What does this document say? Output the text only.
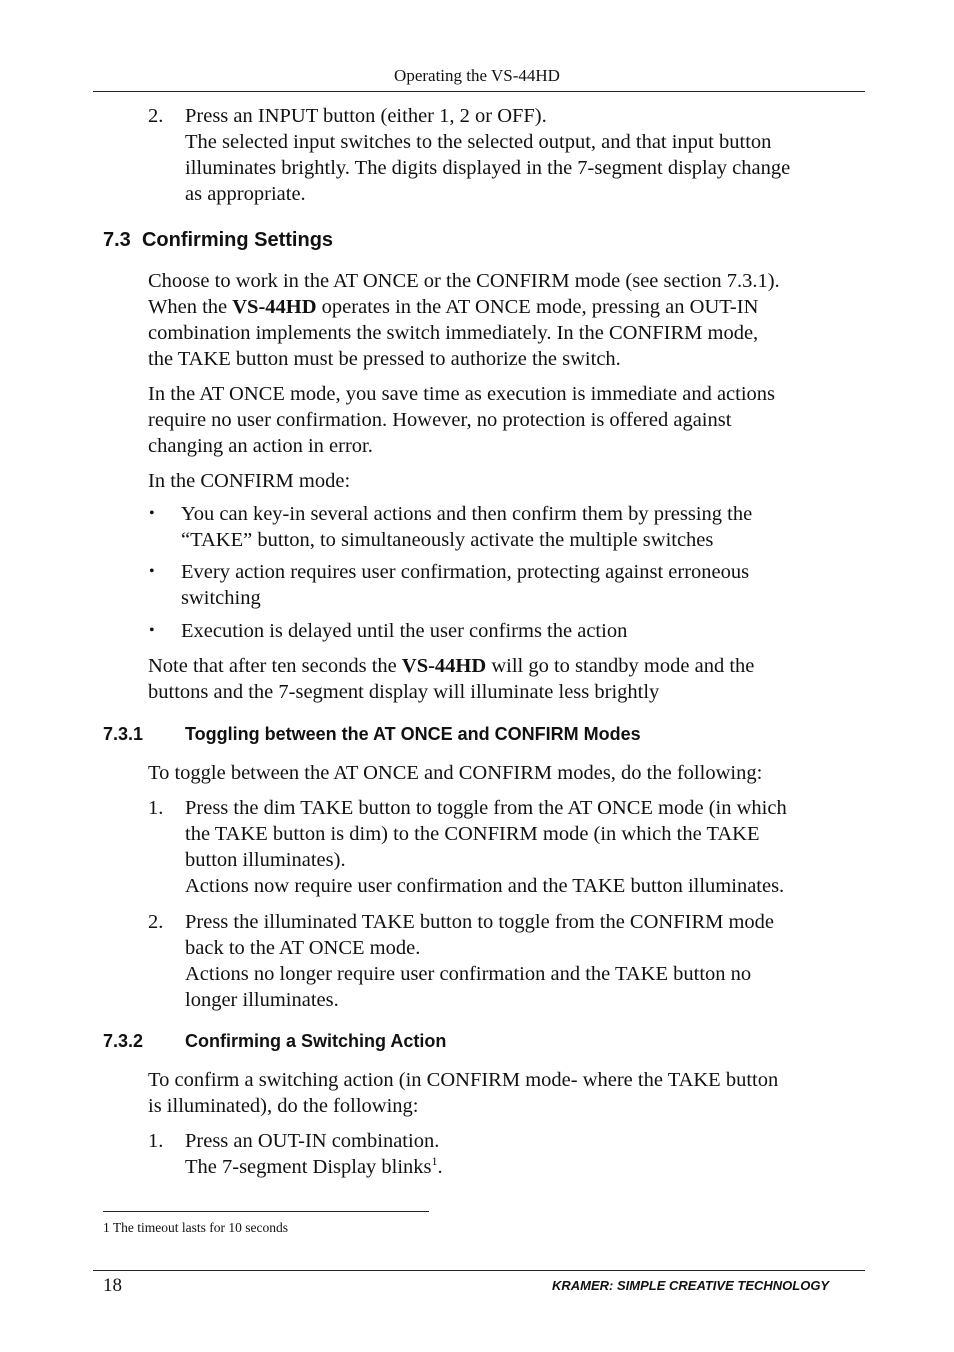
Operating the VS-44HD
2. Press an INPUT button (either 1, 2 or OFF).
The selected input switches to the selected output, and that input button
illuminates brightly. The digits displayed in the 7-segment display change
as appropriate.
7.3 Confirming Settings
Choose to work in the AT ONCE or the CONFIRM mode (see section 7.3.1).
When the VS-44HD operates in the AT ONCE mode, pressing an OUT-IN
combination implements the switch immediately. In the CONFIRM mode,
the TAKE button must be pressed to authorize the switch.
In the AT ONCE mode, you save time as execution is immediate and actions
require no user confirmation. However, no protection is offered against
changing an action in error.
In the CONFIRM mode:
• You can key-in several actions and then confirm them by pressing the
“TAKE” button, to simultaneously activate the multiple switches
• Every action requires user confirmation, protecting against erroneous
switching
• Execution is delayed until the user confirms the action
Note that after ten seconds the VS-44HD will go to standby mode and the
buttons and the 7-segment display will illuminate less brightly
7.3.1 Toggling between the AT ONCE and CONFIRM Modes
To toggle between the AT ONCE and CONFIRM modes, do the following:
1. Press the dim TAKE button to toggle from the AT ONCE mode (in which
the TAKE button is dim) to the CONFIRM mode (in which the TAKE
button illuminates).
Actions now require user confirmation and the TAKE button illuminates.
2. Press the illuminated TAKE button to toggle from the CONFIRM mode
back to the AT ONCE mode.
Actions no longer require user confirmation and the TAKE button no
longer illuminates.
7.3.2 Confirming a Switching Action
To confirm a switching action (in CONFIRM mode- where the TAKE button
is illuminated), do the following:
1. Press an OUT-IN combination.
The 7-segment Display blinks$^1$.
1 The timeout lasts for 10 seconds
18	KRAMER: SIMPLE CREATIVE TECHNOLOGY
